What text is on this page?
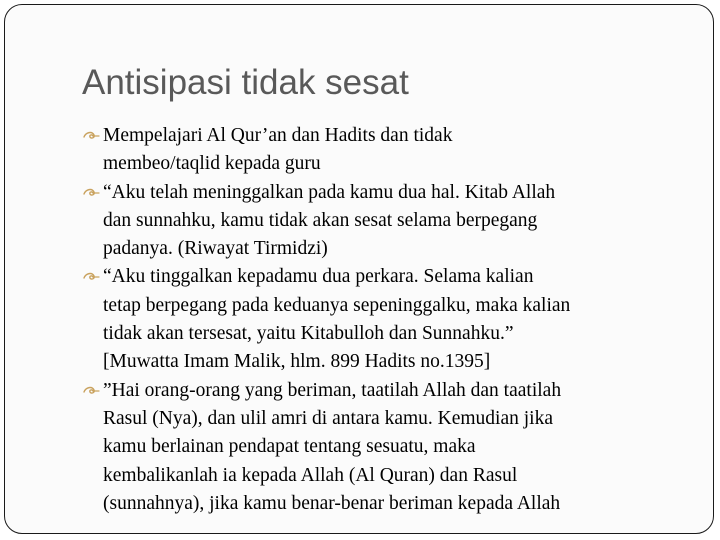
Antisipasi tidak sesat
Mempelajari Al Qur’an dan Hadits dan tidak
membeo/taqlid kepada guru
“Aku telah meninggalkan pada kamu dua hal. Kitab Allah
dan sunnahku, kamu tidak akan sesat selama berpegang
padanya. (Riwayat Tirmidzi)
“Aku tinggalkan kepadamu dua perkara. Selama kalian
tetap berpegang pada keduanya sepeninggalku, maka kalian
tidak akan tersesat, yaitu Kitabulloh dan Sunnahku.”
[Muwatta Imam Malik, hlm. 899 Hadits no.1395]
”Hai orang-orang yang beriman, taatilah Allah dan taatilah
Rasul (Nya), dan ulil amri di antara kamu. Kemudian jika
kamu berlainan pendapat tentang sesuatu, maka
kembalikanlah ia kepada Allah (Al Quran) dan Rasul
(sunnahnya), jika kamu benar-benar beriman kepada Allah
